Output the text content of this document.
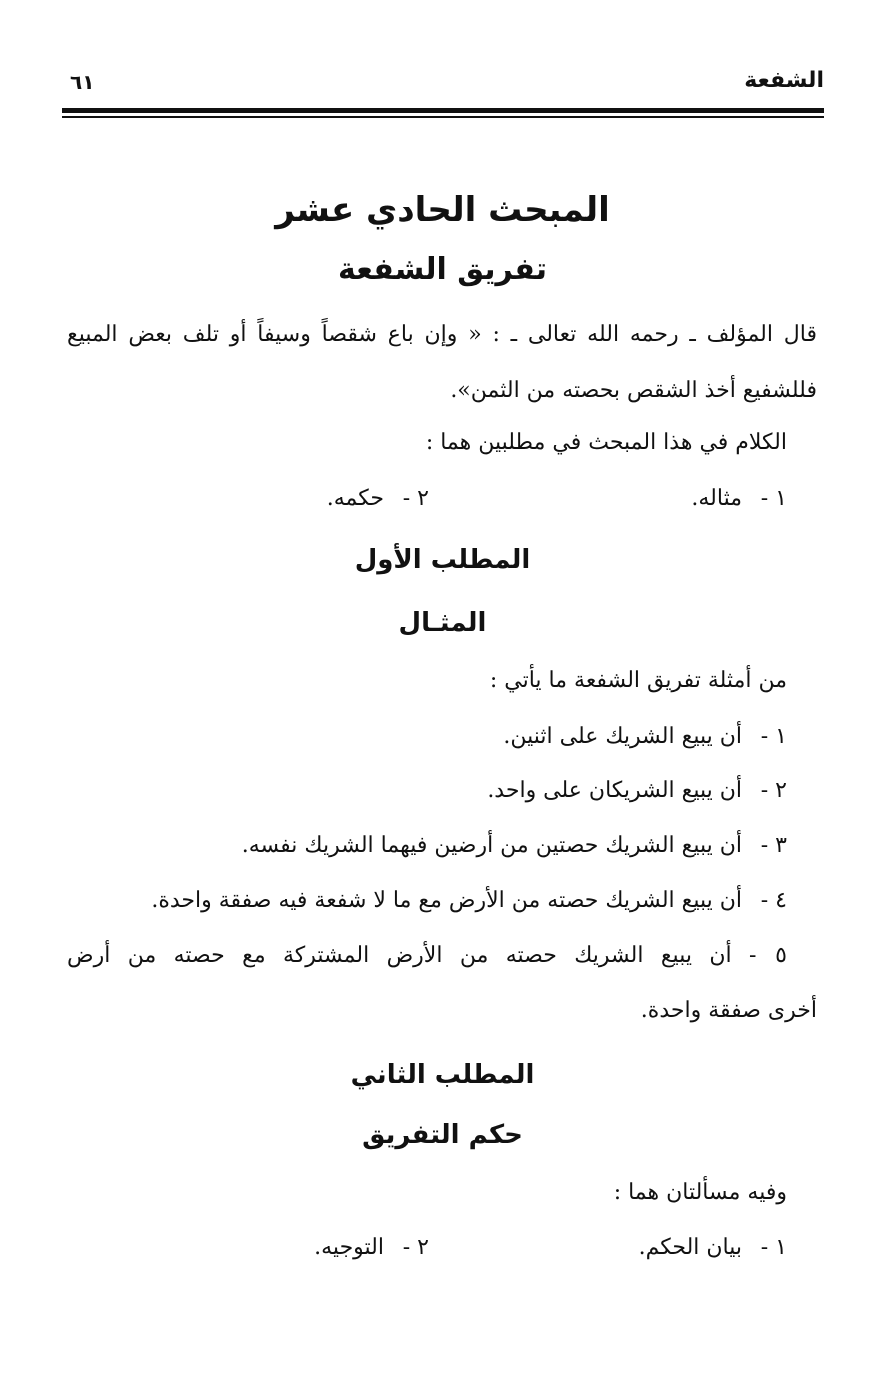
الشفعة
٦١
المبحث الحادي عشر
تفريق الشفعة
قال المؤلف ـ رحمه الله تعالى ـ : « وإن باع شقصاً وسيفاً أو تلف بعض المبيع
فللشفيع أخذ الشقص بحصته من الثمن».
الكلام في هذا المبحث في مطلبين هما :
١ - مثاله.
٢ - حكمه.
المطلب الأول
المثـال
من أمثلة تفريق الشفعة ما يأتي :
١ - أن يبيع الشريك على اثنين.
٢ - أن يبيع الشريكان على واحد.
٣ - أن يبيع الشريك حصتين من أرضين فيهما الشريك نفسه.
٤ - أن يبيع الشريك حصته من الأرض مع ما لا شفعة فيه صفقة واحدة.
٥ - أن يبيع الشريك حصته من الأرض المشتركة مع حصته من أرض
أخرى صفقة واحدة.
المطلب الثاني
حكم التفريق
وفيه مسألتان هما :
١ - بيان الحكم.
٢ - التوجيه.
